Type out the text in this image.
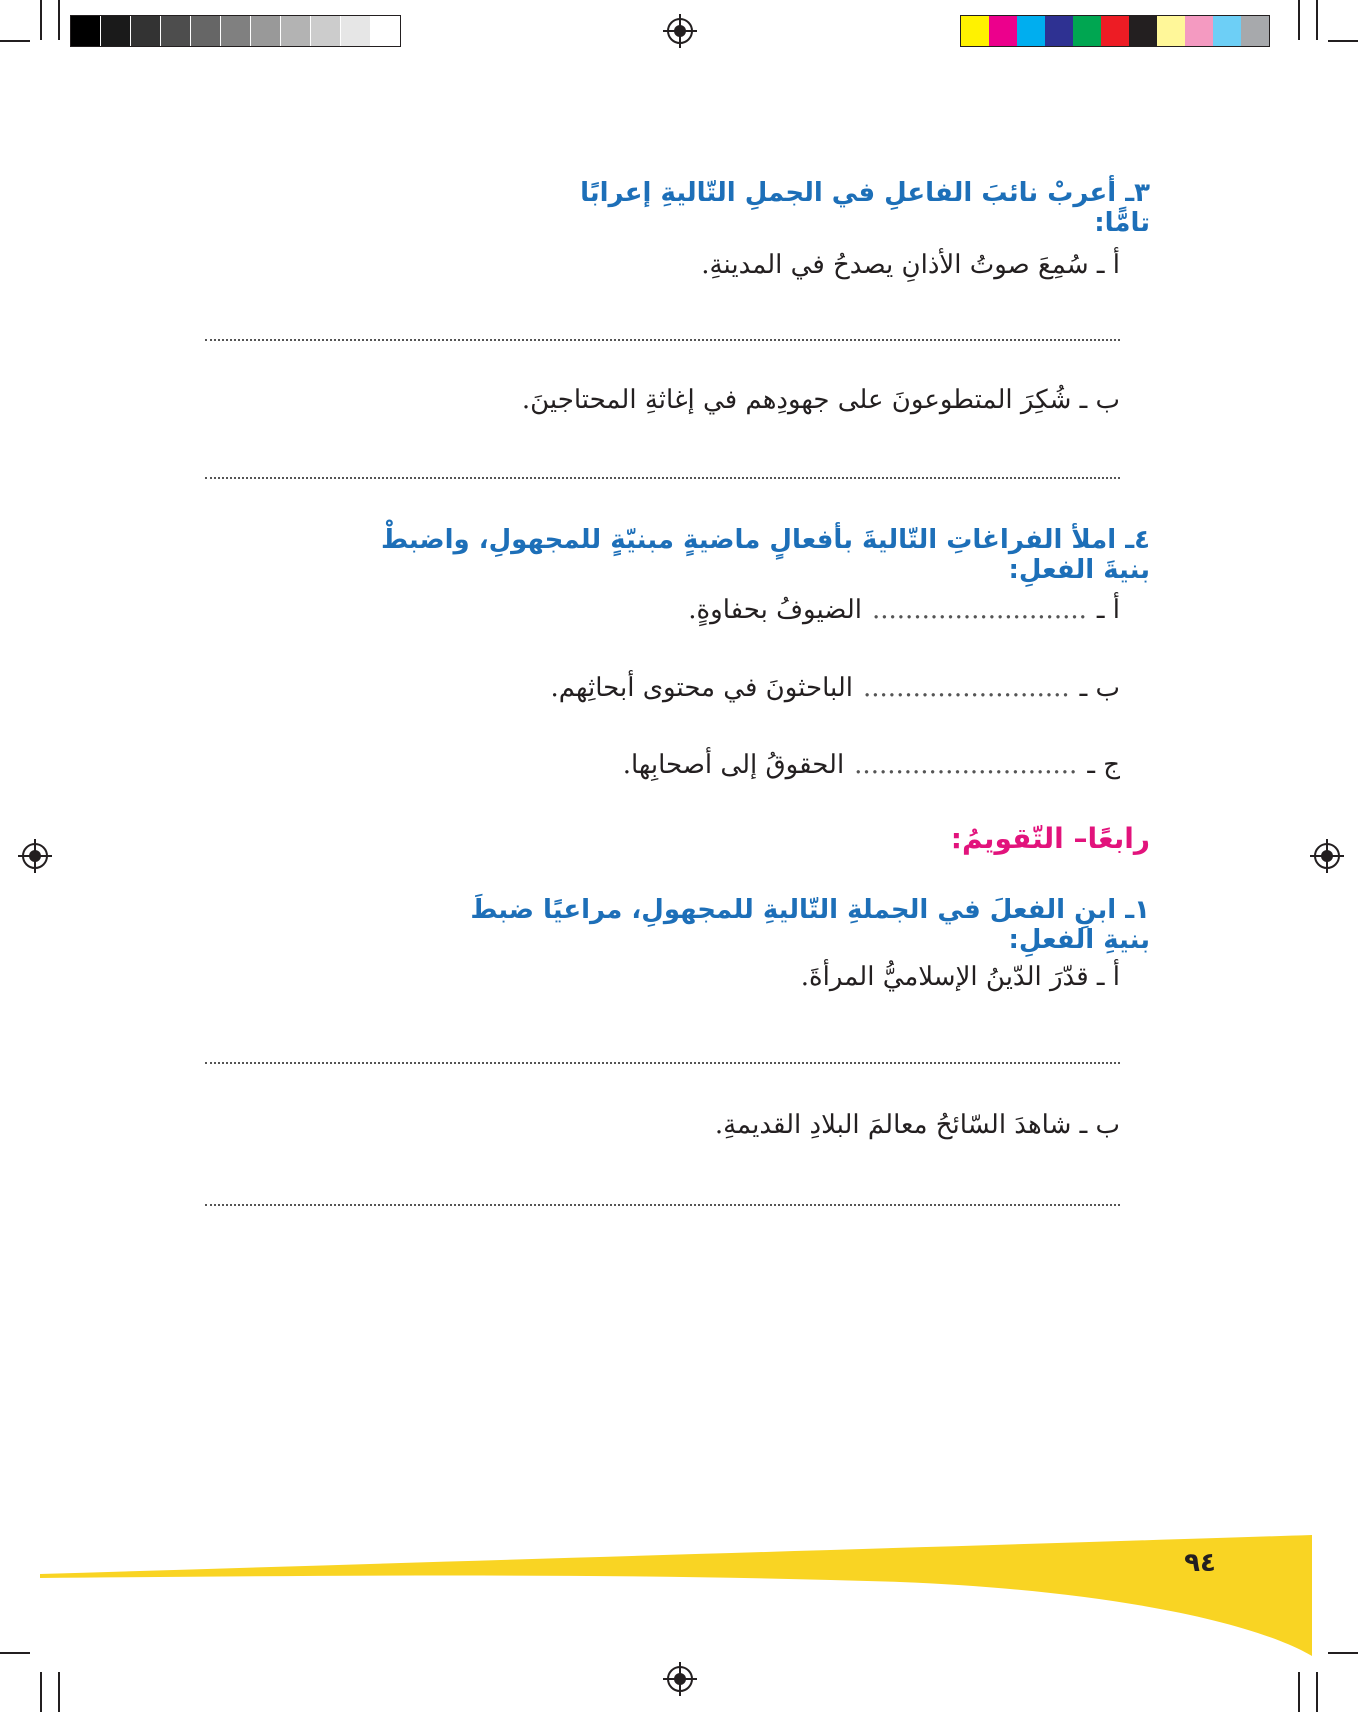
٣ـ أعربْ نائبَ الفاعلِ في الجملِ التّاليةِ إعرابًا تامًّا:
أ ـ سُمِعَ صوتُ الأذانِ يصدحُ في المدينةِ.
ب ـ شُكِرَ المتطوعونَ على جهودِهم في إغاثةِ المحتاجينَ.
٤ـ املأ الفراغاتِ التّاليةَ بأفعالٍ ماضيةٍ مبنيّةٍ للمجهولِ، واضبطْ بنيةَ الفعلِ:
أ ـ
..........................
الضيوفُ بحفاوةٍ.
ب ـ
.........................
الباحثونَ في محتوى أبحاثِهم.
ج ـ
...........................
الحقوقُ إلى أصحابِها.
رابعًا– التّقويمُ:
١ـ ابنِ الفعلَ في الجملةِ التّاليةِ للمجهولِ، مراعيًا ضبطَ بنيةِ الفعلِ:
أ ـ قدّرَ الدّينُ الإسلاميُّ المرأةَ.
ب ـ شاهدَ السّائحُ معالمَ البلادِ القديمةِ.
٩٤
